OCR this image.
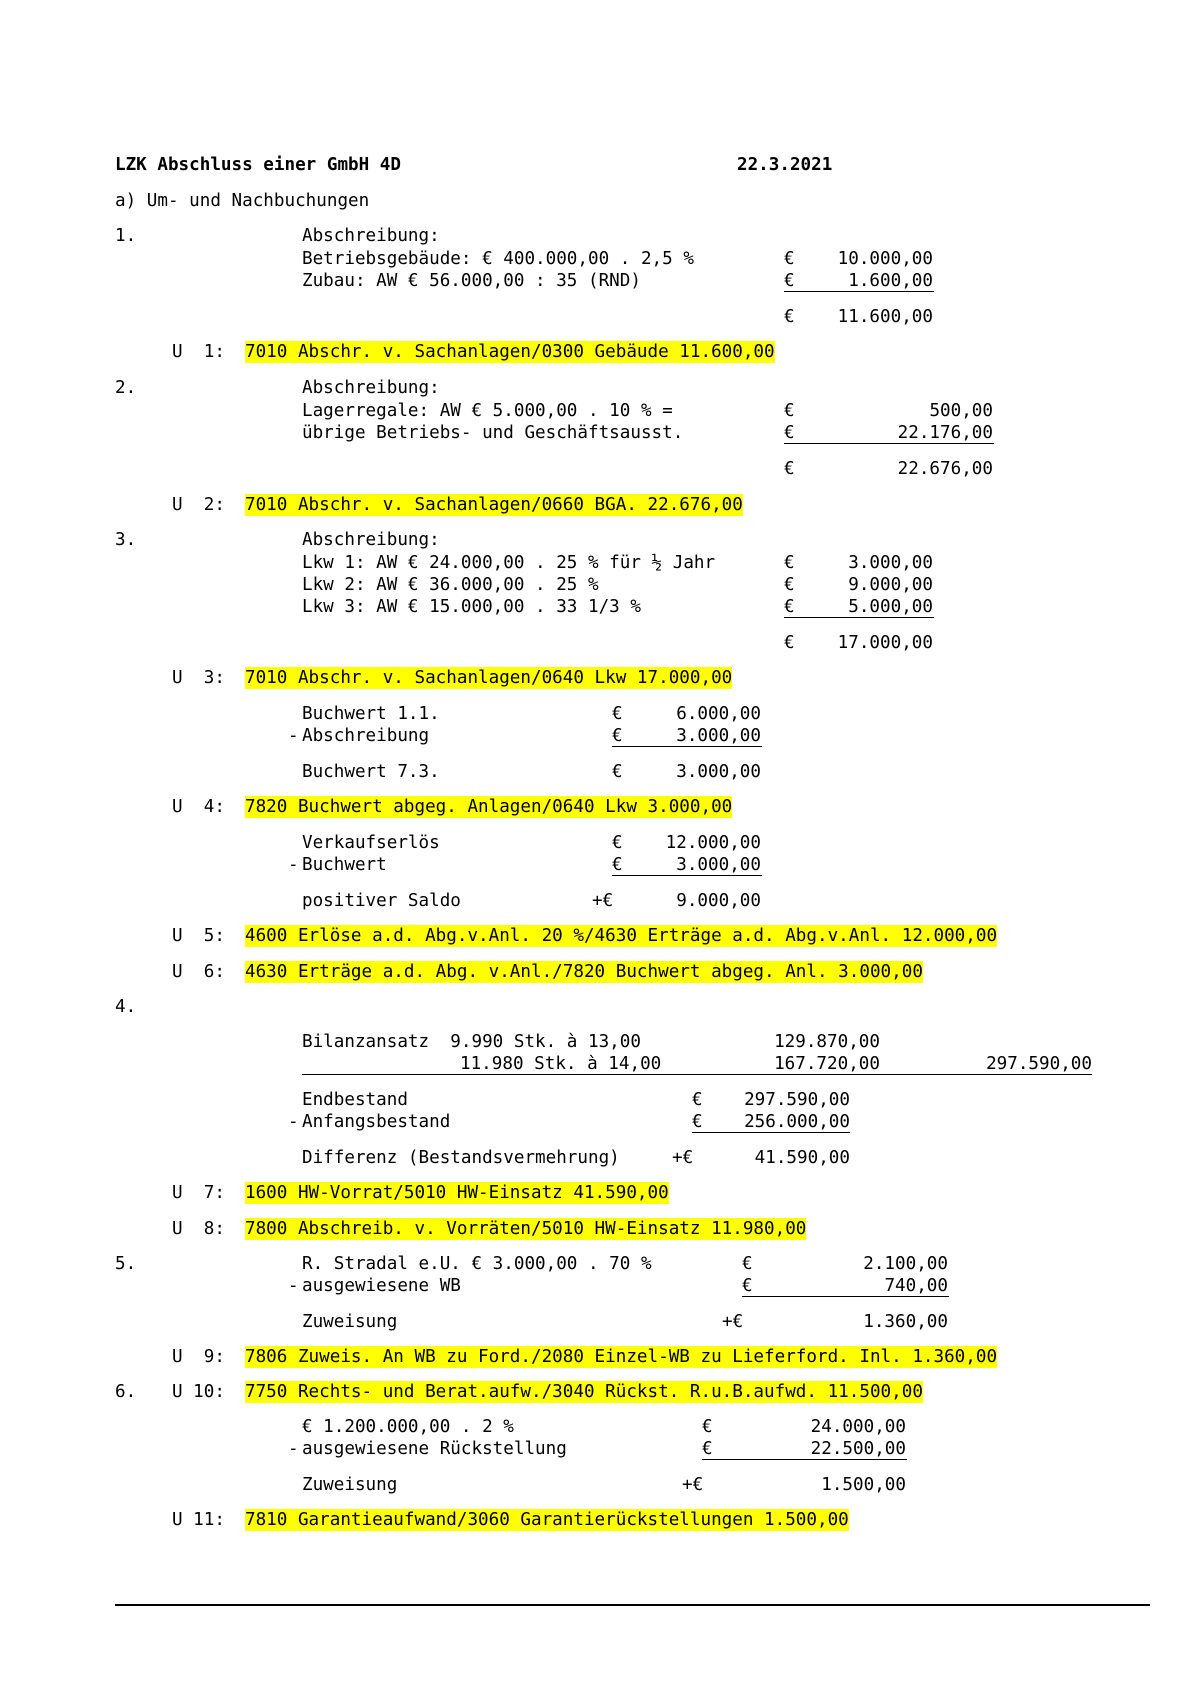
LZK Abschluss einer GmbH 4D	22.3.2021
a) Um- und Nachbuchungen
1.	Abschreibung:
Betriebsgebäude: € 400.000,00 . 2,5 %	€	10.000,00
Zubau: AW € 56.000,00 : 35 (RND)	€	1.600,00
€	11.600,00
U  1: 7010 Abschr. v. Sachanlagen/0300 Gebäude 11.600,00
2.	Abschreibung:
Lagerregale: AW € 5.000,00 . 10 % =	€	500,00
übrige Betriebs- und Geschäftsausst.	€	22.176,00
€	22.676,00
U  2: 7010 Abschr. v. Sachanlagen/0660 BGA. 22.676,00
3.	Abschreibung:
Lkw 1: AW € 24.000,00 . 25 % für ½ Jahr	€	3.000,00
Lkw 2: AW € 36.000,00 . 25 %	€	9.000,00
Lkw 3: AW € 15.000,00 . 33 1/3 %	€	5.000,00
€	17.000,00
U  3: 7010 Abschr. v. Sachanlagen/0640 Lkw 17.000,00
Buchwert 1.1.	€	6.000,00
- Abschreibung	€	3.000,00
Buchwert 7.3.	€	3.000,00
U  4: 7820 Buchwert abgeg. Anlagen/0640 Lkw 3.000,00
Verkaufserlös	€	12.000,00
- Buchwert	€	3.000,00
positiver Saldo	+€	9.000,00
U  5: 4600 Erlöse a.d. Abg.v.Anl. 20 %/4630 Erträge a.d. Abg.v.Anl. 12.000,00
U  6: 4630 Erträge a.d. Abg. v.Anl./7820 Buchwert abgeg. Anl. 3.000,00
4.
Bilanzansatz  9.990 Stk. à 13,00	129.870,00
11.980 Stk. à 14,00	167.720,00	297.590,00
Endbestand	€	297.590,00
- Anfangsbestand	€	256.000,00
Differenz (Bestandsvermehrung)	+€	41.590,00
U  7: 1600 HW-Vorrat/5010 HW-Einsatz 41.590,00
U  8: 7800 Abschreib. v. Vorräten/5010 HW-Einsatz 11.980,00
5.	R. Stradal e.U. € 3.000,00 . 70 %	€	2.100,00
- ausgewiesene WB	€	740,00
Zuweisung	+€	1.360,00
U  9: 7806 Zuweis. An WB zu Ford./2080 Einzel-WB zu Lieferford. Inl. 1.360,00
6. U 10: 7750 Rechts- und Berat.aufw./3040 Rückst. R.u.B.aufwd. 11.500,00
€ 1.200.000,00 . 2 %	€	24.000,00
- ausgewiesene Rückstellung	€	22.500,00
Zuweisung	+€	1.500,00
U 11: 7810 Garantieaufwand/3060 Garantierückstellungen 1.500,00
